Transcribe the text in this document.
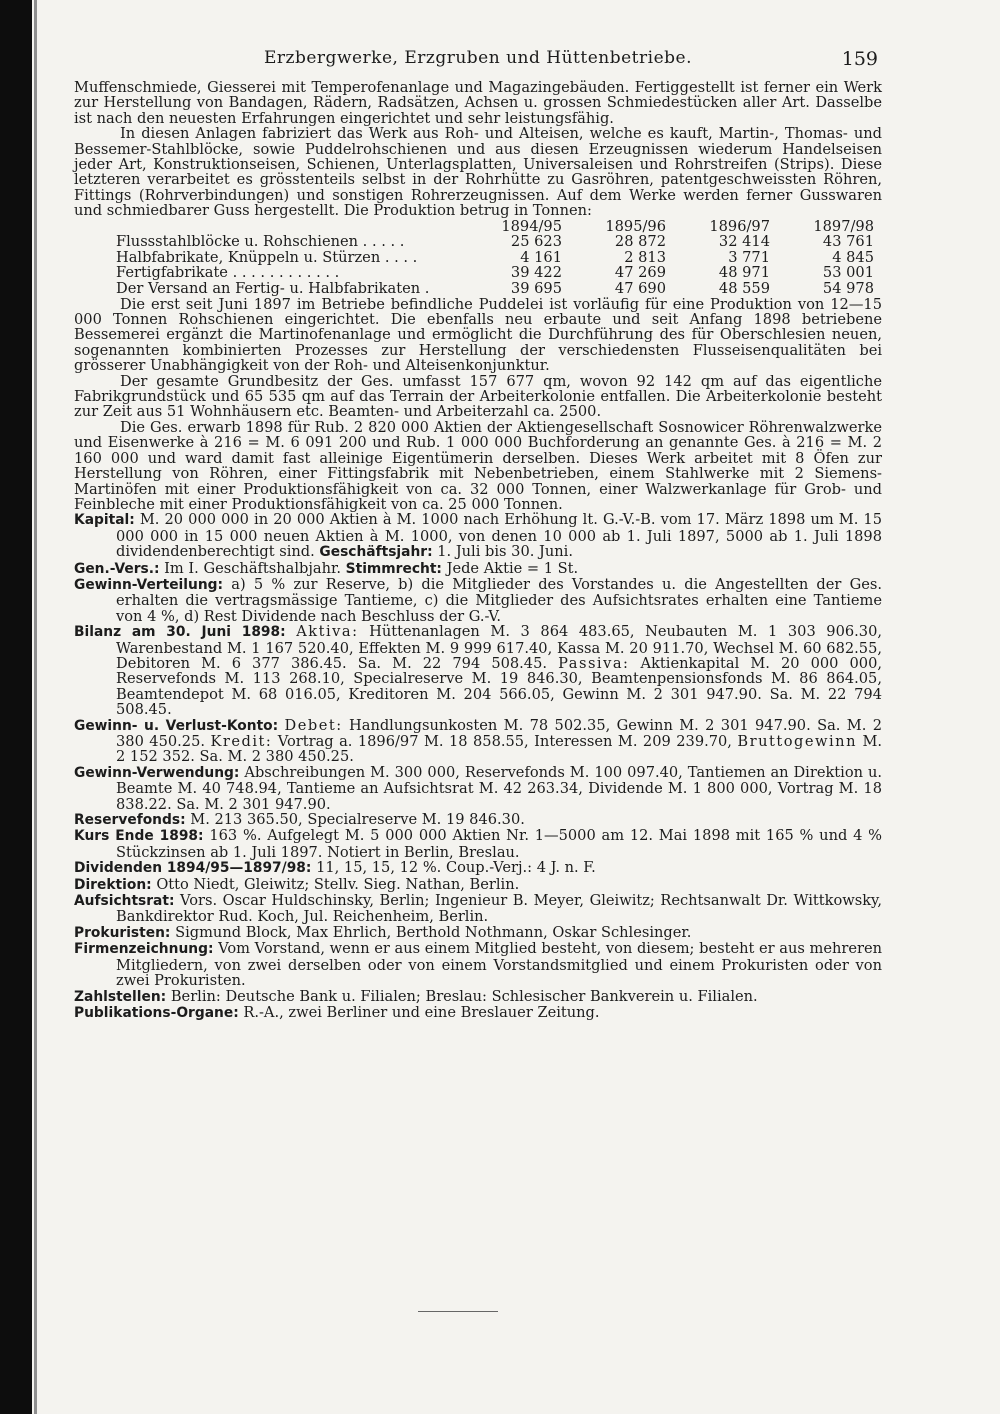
Erzbergwerke, Erzgruben und Hüttenbetriebe.	159

Muffenschmiede, Giesserei mit Temperofenanlage und Magazingebäuden. Fertiggestellt ist ferner ein Werk zur Herstellung von Bandagen, Rädern, Radsätzen, Achsen u. grossen Schmiedestücken aller Art. Dasselbe ist nach den neuesten Erfahrungen eingerichtet und sehr leistungsfähig.

In diesen Anlagen fabriziert das Werk aus Roh- und Alteisen, welche es kauft, Martin-, Thomas- und Bessemer-Stahlblöcke, sowie Puddelrohschienen und aus diesen Erzeugnissen wiederum Handelseisen jeder Art, Konstruktionseisen, Schienen, Unterlagsplatten, Universaleisen und Rohrstreifen (Strips). Diese letzteren verarbeitet es grösstenteils selbst in der Rohrhütte zu Gasröhren, patentgeschweissten Röhren, Fittings (Rohrverbindungen) und sonstigen Rohrerzeugnissen. Auf dem Werke werden ferner Gusswaren und schmiedbarer Guss hergestellt. Die Produktion betrug in Tonnen:

	1894/95	1895/96	1896/97	1897/98
Flussstahlblöcke u. Rohschienen . . . . .	25 623	28 872	32 414	43 761
Halbfabrikate, Knüppeln u. Stürzen . . . .	4 161	2 813	3 771	4 845
Fertigfabrikate . . . . . . . . . . . .	39 422	47 269	48 971	53 001
Der Versand an Fertig- u. Halbfabrikaten .	39 695	47 690	48 559	54 978

Die erst seit Juni 1897 im Betriebe befindliche Puddelei ist vorläufig für eine Produktion von 12—15 000 Tonnen Rohschienen eingerichtet. Die ebenfalls neu erbaute und seit Anfang 1898 betriebene Bessemerei ergänzt die Martinofenanlage und ermöglicht die Durchführung des für Oberschlesien neuen, sogenannten kombinierten Prozesses zur Herstellung der verschiedensten Flusseisenqualitäten bei grösserer Unabhängigkeit von der Roh- und Alteisenkonjunktur.

Der gesamte Grundbesitz der Ges. umfasst 157 677 qm, wovon 92 142 qm auf das eigentliche Fabrikgrundstück und 65 535 qm auf das Terrain der Arbeiterkolonie entfallen. Die Arbeiterkolonie besteht zur Zeit aus 51 Wohnhäusern etc. Beamten- und Arbeiterzahl ca. 2500.

Die Ges. erwarb 1898 für Rub. 2 820 000 Aktien der Aktiengesellschaft Sosnowicer Röhrenwalzwerke und Eisenwerke à 216 = M. 6 091 200 und Rub. 1 000 000 Buchforderung an genannte Ges. à 216 = M. 2 160 000 und ward damit fast alleinige Eigentümerin derselben. Dieses Werk arbeitet mit 8 Öfen zur Herstellung von Röhren, einer Fittingsfabrik mit Nebenbetrieben, einem Stahlwerke mit 2 Siemens-Martinöfen mit einer Produktionsfähigkeit von ca. 32 000 Tonnen, einer Walzwerkanlage für Grob- und Feinbleche mit einer Produktionsfähigkeit von ca. 25 000 Tonnen.

Kapital: M. 20 000 000 in 20 000 Aktien à M. 1000 nach Erhöhung lt. G.-V.-B. vom 17. März 1898 um M. 15 000 000 in 15 000 neuen Aktien à M. 1000, von denen 10 000 ab 1. Juli 1897, 5000 ab 1. Juli 1898 dividendenberechtigt sind. Geschäftsjahr: 1. Juli bis 30. Juni.

Gen.-Vers.: Im I. Geschäftshalbjahr. Stimmrecht: Jede Aktie = 1 St.

Gewinn-Verteilung: a) 5 % zur Reserve, b) die Mitglieder des Vorstandes u. die Angestellten der Ges. erhalten die vertragsmässige Tantieme, c) die Mitglieder des Aufsichtsrates erhalten eine Tantieme von 4 %, d) Rest Dividende nach Beschluss der G.-V.

Bilanz am 30. Juni 1898: Aktiva: Hüttenanlagen M. 3 864 483.65, Neubauten M. 1 303 906.30, Warenbestand M. 1 167 520.40, Effekten M. 9 999 617.40, Kassa M. 20 911.70, Wechsel M. 60 682.55, Debitoren M. 6 377 386.45. Sa. M. 22 794 508.45. Passiva: Aktienkapital M. 20 000 000, Reservefonds M. 113 268.10, Specialreserve M. 19 846.30, Beamtenpensionsfonds M. 86 864.05, Beamtendepot M. 68 016.05, Kreditoren M. 204 566.05, Gewinn M. 2 301 947.90. Sa. M. 22 794 508.45.

Gewinn- u. Verlust-Konto: Debet: Handlungsunkosten M. 78 502.35, Gewinn M. 2 301 947.90. Sa. M. 2 380 450.25. Kredit: Vortrag a. 1896/97 M. 18 858.55, Interessen M. 209 239.70, Bruttogewinn M. 2 152 352. Sa. M. 2 380 450.25.

Gewinn-Verwendung: Abschreibungen M. 300 000, Reservefonds M. 100 097.40, Tantiemen an Direktion u. Beamte M. 40 748.94, Tantieme an Aufsichtsrat M. 42 263.34, Dividende M. 1 800 000, Vortrag M. 18 838.22. Sa. M. 2 301 947.90.

Reservefonds: M. 213 365.50, Specialreserve M. 19 846.30.

Kurs Ende 1898: 163 %. Aufgelegt M. 5 000 000 Aktien Nr. 1—5000 am 12. Mai 1898 mit 165 % und 4 % Stückzinsen ab 1. Juli 1897. Notiert in Berlin, Breslau.

Dividenden 1894/95—1897/98: 11, 15, 15, 12 %. Coup.-Verj.: 4 J. n. F.

Direktion: Otto Niedt, Gleiwitz; Stellv. Sieg. Nathan, Berlin.

Aufsichtsrat: Vors. Oscar Huldschinsky, Berlin; Ingenieur B. Meyer, Gleiwitz; Rechtsanwalt Dr. Wittkowsky, Bankdirektor Rud. Koch, Jul. Reichenheim, Berlin.

Prokuristen: Sigmund Block, Max Ehrlich, Berthold Nothmann, Oskar Schlesinger.

Firmenzeichnung: Vom Vorstand, wenn er aus einem Mitglied besteht, von diesem; besteht er aus mehreren Mitgliedern, von zwei derselben oder von einem Vorstandsmitglied und einem Prokuristen oder von zwei Prokuristen.

Zahlstellen: Berlin: Deutsche Bank u. Filialen; Breslau: Schlesischer Bankverein u. Filialen.

Publikations-Organe: R.-A., zwei Berliner und eine Breslauer Zeitung.
